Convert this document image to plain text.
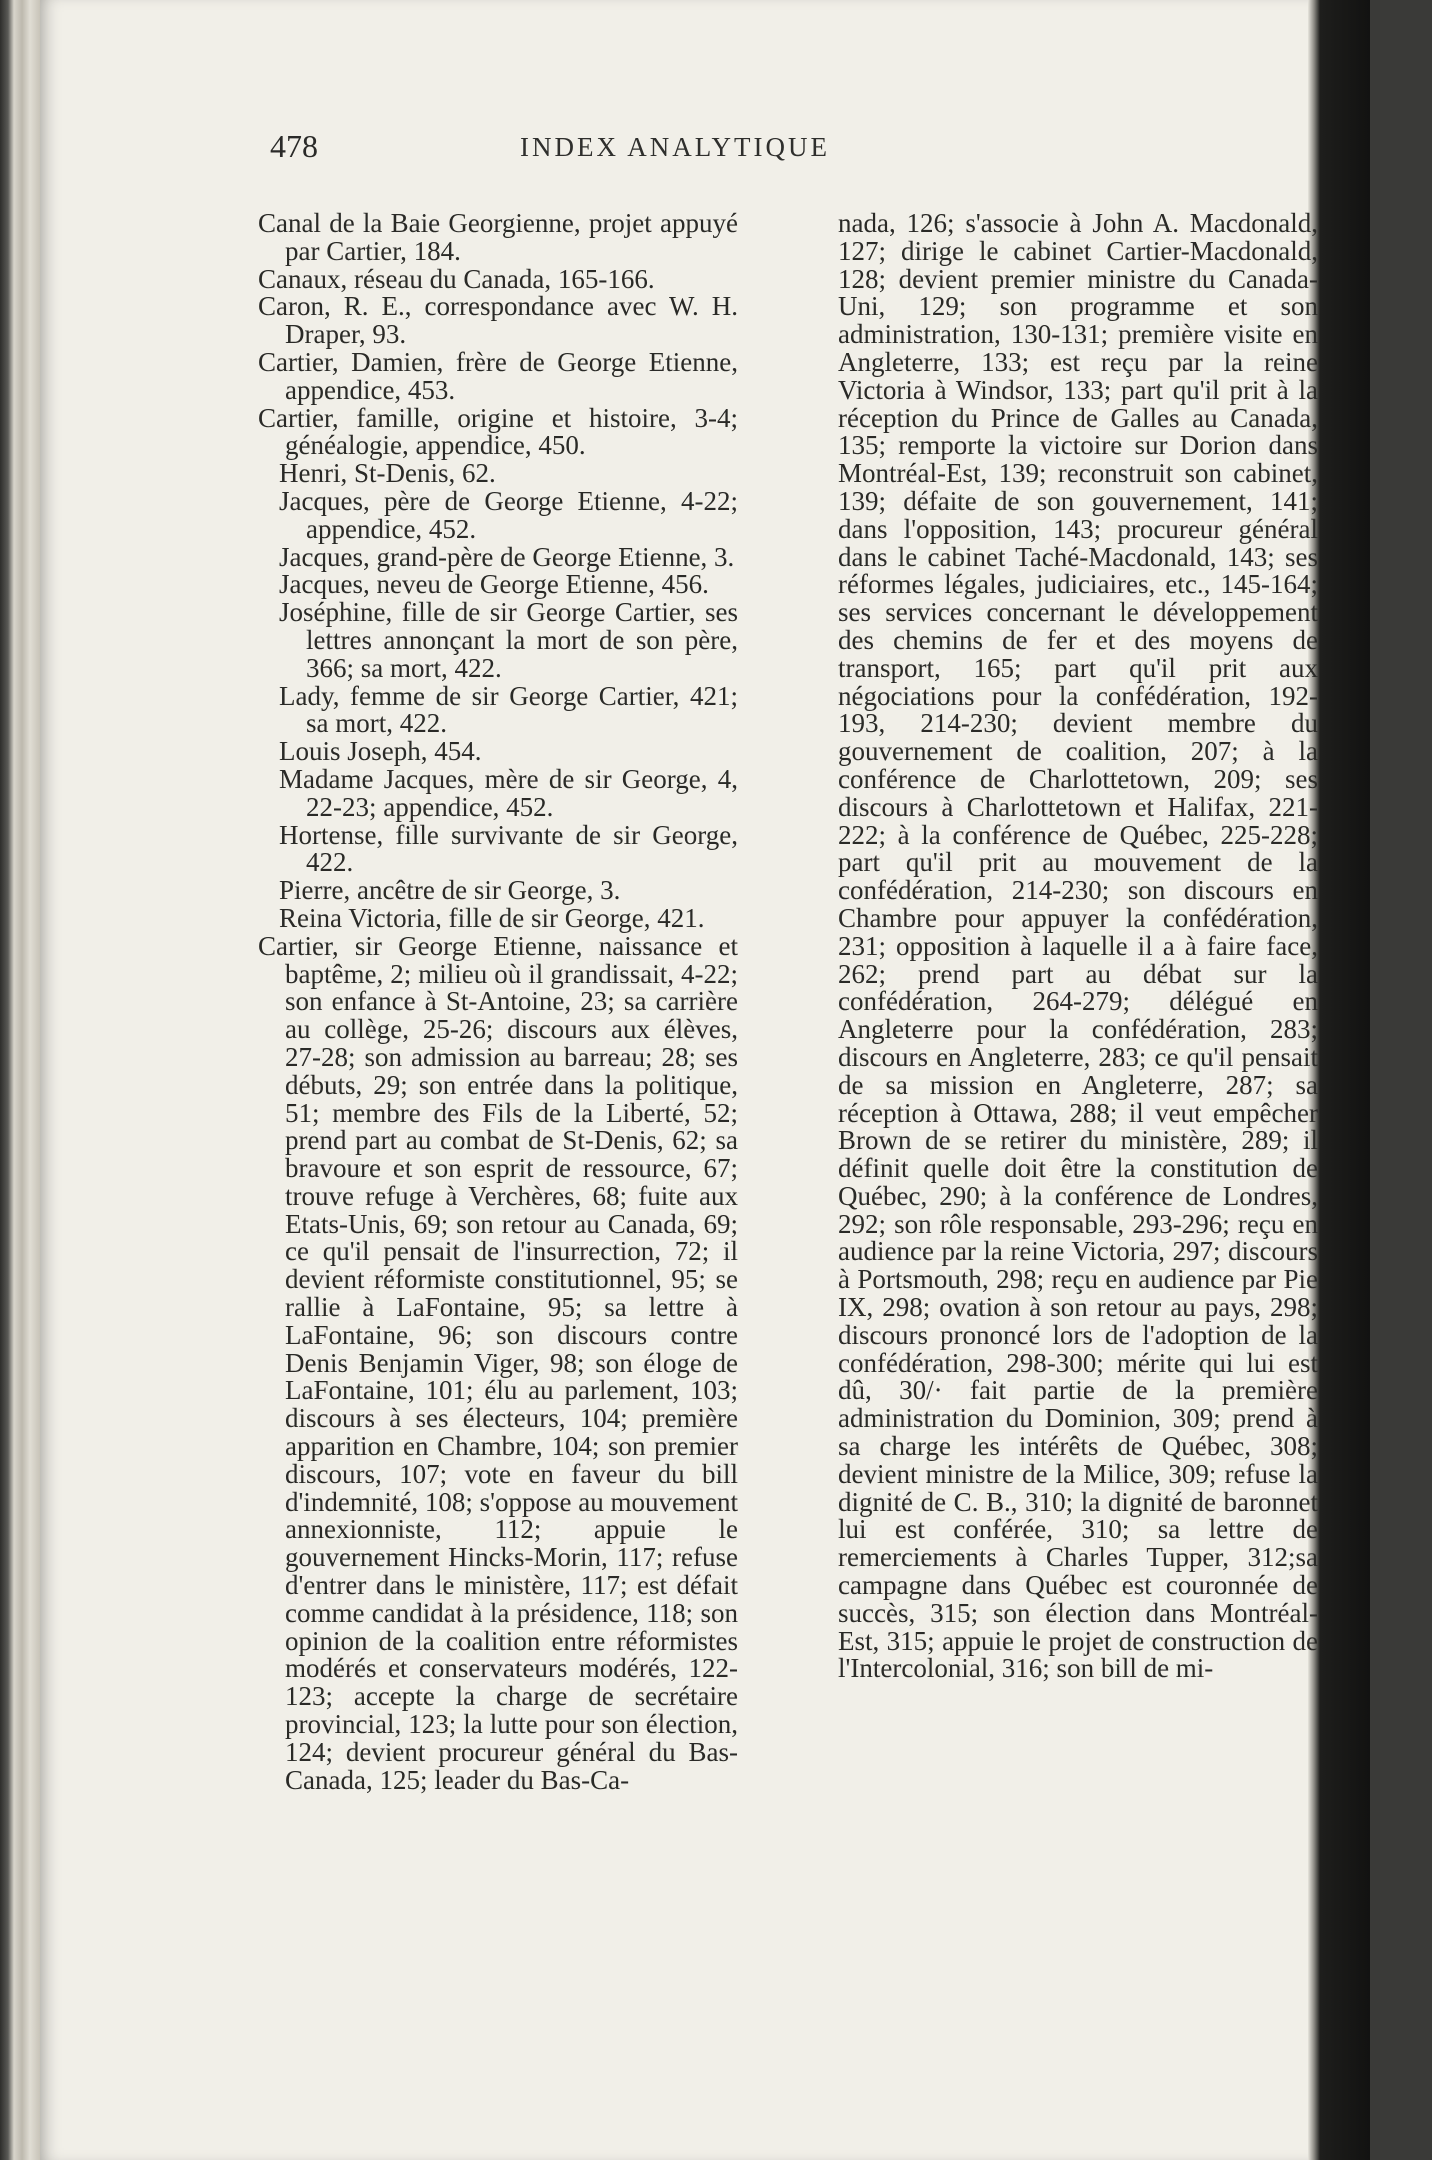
478	INDEX ANALYTIQUE

Canal de la Baie Georgienne, projet appuyé par Cartier, 184.

Canaux, réseau du Canada, 165-166.

Caron, R. E., correspondance avec W. H. Draper, 93.

Cartier, Damien, frère de George Etienne, appendice, 453.

Cartier, famille, origine et histoire, 3-4; généalogie, appendice, 450.

Henri, St-Denis, 62.

Jacques, père de George Etienne, 4-22; appendice, 452.

Jacques, grand-père de George Etienne, 3.

Jacques, neveu de George Etienne, 456.

Joséphine, fille de sir George Cartier, ses lettres annonçant la mort de son père, 366; sa mort, 422.

Lady, femme de sir George Cartier, 421; sa mort, 422.

Louis Joseph, 454.

Madame Jacques, mère de sir George, 4, 22-23; appendice, 452.

Hortense, fille survivante de sir George, 422.

Pierre, ancêtre de sir George, 3.

Reina Victoria, fille de sir George, 421.

Cartier, sir George Etienne, naissance et baptême, 2; milieu où il grandissait, 4-22; son enfance à St-Antoine, 23; sa carrière au collège, 25-26; discours aux élèves, 27-28; son admission au barreau; 28; ses débuts, 29; son entrée dans la politique, 51; membre des Fils de la Liberté, 52; prend part au combat de St-Denis, 62; sa bravoure et son esprit de ressource, 67; trouve refuge à Verchères, 68; fuite aux Etats-Unis, 69; son retour au Canada, 69; ce qu'il pensait de l'insurrection, 72; il devient réformiste constitutionnel, 95; se rallie à LaFontaine, 95; sa lettre à LaFontaine, 96; son discours contre Denis Benjamin Viger, 98; son éloge de LaFontaine, 101; élu au parlement, 103; discours à ses électeurs, 104; première apparition en Chambre, 104; son premier discours, 107; vote en faveur du bill d'indemnité, 108; s'oppose au mouvement annexionniste, 112; appuie le gouvernement Hincks-Morin, 117; refuse d'entrer dans le ministère, 117; est défait comme candidat à la présidence, 118; son opinion de la coalition entre réformistes modérés et conservateurs modérés, 122-123; accepte la charge de secrétaire provincial, 123; la lutte pour son élection, 124; devient procureur général du Bas-Canada, 125; leader du Bas-Ca-

nada, 126; s'associe à John A. Macdonald, 127; dirige le cabinet Cartier-Macdonald, 128; devient premier ministre du Canada-Uni, 129; son programme et son administration, 130-131; première visite en Angleterre, 133; est reçu par la reine Victoria à Windsor, 133; part qu'il prit à la réception du Prince de Galles au Canada, 135; remporte la victoire sur Dorion dans Montréal-Est, 139; reconstruit son cabinet, 139; défaite de son gouvernement, 141; dans l'opposition, 143; procureur général dans le cabinet Taché-Macdonald, 143; ses réformes légales, judiciaires, etc., 145-164; ses services concernant le développement des chemins de fer et des moyens de transport, 165; part qu'il prit aux négociations pour la confédération, 192-193, 214-230; devient membre du gouvernement de coalition, 207; à la conférence de Charlottetown, 209; ses discours à Charlottetown et Halifax, 221-222; à la conférence de Québec, 225-228; part qu'il prit au mouvement de la confédération, 214-230; son discours en Chambre pour appuyer la confédération, 231; opposition à laquelle il a à faire face, 262; prend part au débat sur la confédération, 264-279; délégué en Angleterre pour la confédération, 283; discours en Angleterre, 283; ce qu'il pensait de sa mission en Angleterre, 287; sa réception à Ottawa, 288; il veut empêcher Brown de se retirer du ministère, 289; il définit quelle doit être la constitution de Québec, 290; à la conférence de Londres, 292; son rôle responsable, 293-296; reçu en audience par la reine Victoria, 297; discours à Portsmouth, 298; reçu en audience par Pie IX, 298; ovation à son retour au pays, 298; discours prononcé lors de l'adoption de la confédération, 298-300; mérite qui lui est dû, 30/· fait partie de la première administration du Dominion, 309; prend à sa charge les intérêts de Québec, 308; devient ministre de la Milice, 309; refuse la dignité de C. B., 310; la dignité de baronnet lui est conférée, 310; sa lettre de remerciements à Charles Tupper, 312;sa campagne dans Québec est couronnée de succès, 315; son élection dans Montréal-Est, 315; appuie le projet de construction de l'Intercolonial, 316; son bill de mi-
